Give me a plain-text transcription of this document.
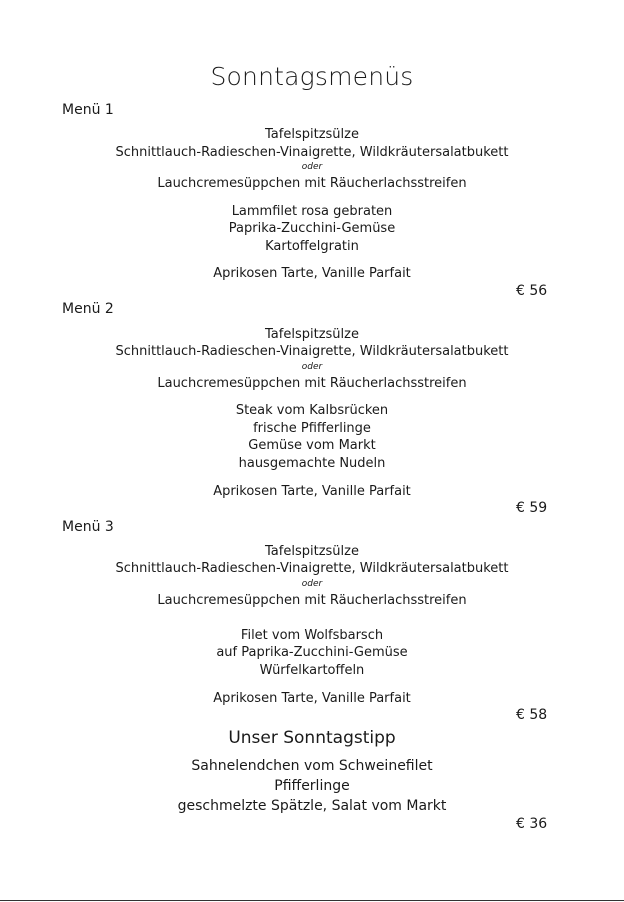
Sonntagsmenüs
Menü 1
Tafelspitzsülze
Schnittlauch-Radieschen-Vinaigrette, Wildkräutersalatbukett
oder
Lauchcremesüppchen mit Räucherlachsstreifen
Lammfilet rosa gebraten
Paprika-Zucchini-Gemüse
Kartoffelgratin
Aprikosen Tarte, Vanille Parfait
€ 56
Menü 2
Tafelspitzsülze
Schnittlauch-Radieschen-Vinaigrette, Wildkräutersalatbukett
oder
Lauchcremesüppchen mit Räucherlachsstreifen
Steak vom Kalbsrücken
frische Pfifferlinge
Gemüse vom Markt
hausgemachte Nudeln
Aprikosen Tarte, Vanille Parfait
€ 59
Menü 3
Tafelspitzsülze
Schnittlauch-Radieschen-Vinaigrette, Wildkräutersalatbukett
oder
Lauchcremesüppchen mit Räucherlachsstreifen
Filet vom Wolfsbarsch
auf Paprika-Zucchini-Gemüse
Würfelkartoffeln
Aprikosen Tarte, Vanille Parfait
€ 58
Unser Sonntagstipp
Sahnelendchen vom Schweinefilet
Pfifferlinge
geschmelzte Spätzle, Salat vom Markt
€ 36
